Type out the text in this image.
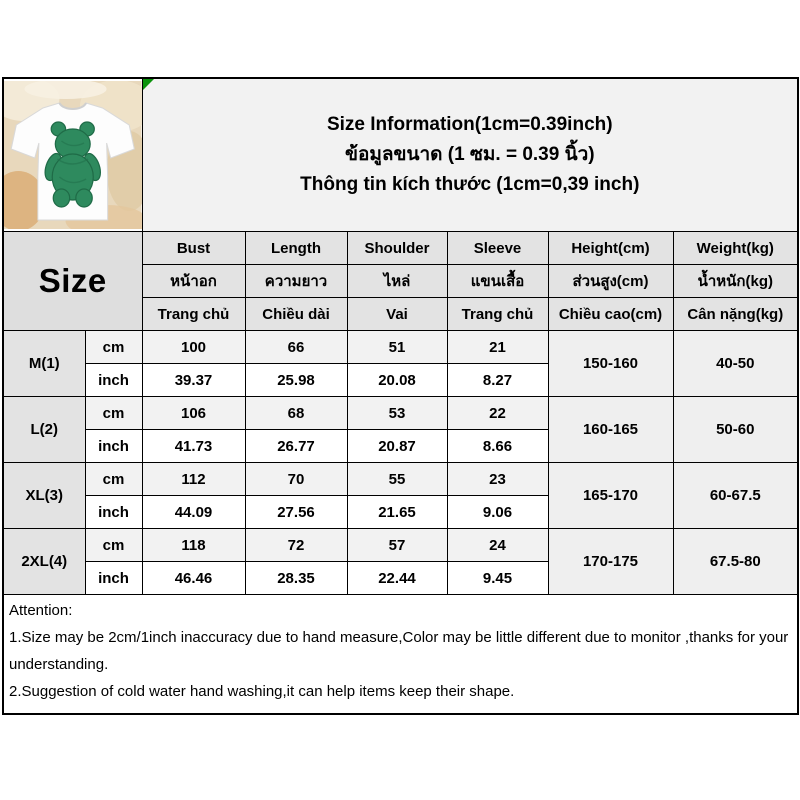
Size Information(1cm=0.39inch)
ข้อมูลขนาด (1 ซม. = 0.39 นิ้ว)
Thông tin kích thước (1cm=0,39 inch)					

Size		Bust	Length	Shoulder	Sleeve	Height(cm)	Weight(kg)
		หน้าอก	ความยาว	ไหล่	แขนเสื้อ	ส่วนสูง(cm)	น้ำหนัก(kg)
		Trang chủ	Chiều dài	Vai	Trang chủ	Chiều cao(cm)	Cân nặng(kg)
M(1)	cm	100	66	51	21	150-160	40-50
	inch	39.37	25.98	20.08	8.27		
L(2)	cm	106	68	53	22	160-165	50-60
	inch	41.73	26.77	20.87	8.66		
XL(3)	cm	112	70	55	23	165-170	60-67.5
	inch	44.09	27.56	21.65	9.06		
2XL(4)	cm	118	72	57	24	170-175	67.5-80
	inch	46.46	28.35	22.44	9.45		

Attention:
1.Size may be 2cm/1inch inaccuracy due to hand measure,Color may be little different due to monitor ,thanks for your understanding.
2.Suggestion of cold water hand washing,it can help items keep their shape.							
